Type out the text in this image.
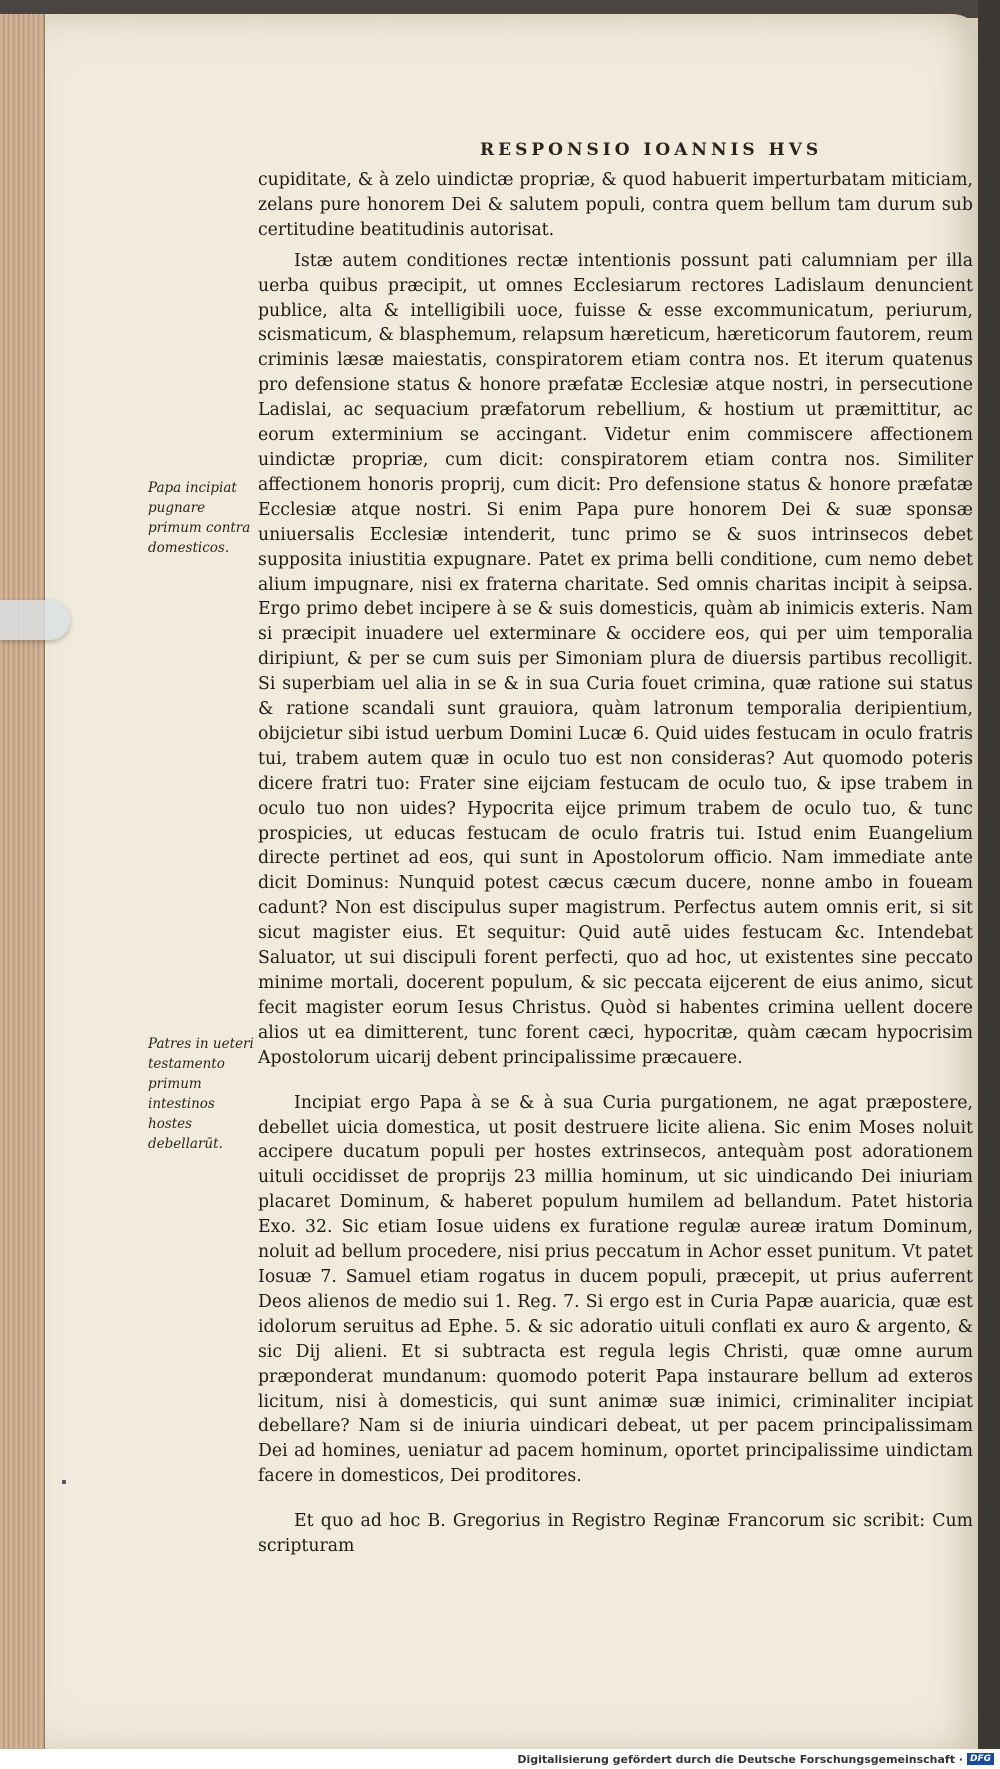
RESPONSIO IOANNIS HVS
Papa incipiat pugnare primum contra domesticos.
Patres in ueteri testamento primum intestinos hostes debellarūt.

cupiditate, & à zelo uindictæ propriæ, & quod habuerit imperturbatam miticiam, zelans pure honorem Dei & salutem populi, contra quem bellum tam durum sub certitudine beatitudinis autorisat.

Istæ autem conditiones rectæ intentionis possunt pati calumniam per illa uerba quibus præcipit, ut omnes Ecclesiarum rectores Ladislaum denuncient publice, alta & intelligibili uoce, fuisse & esse excommunicatum, periurum, scismaticum, & blasphemum, relapsum hæreticum, hæreticorum fautorem, reum criminis læsæ maiestatis, conspiratorem etiam contra nos. Et iterum quatenus pro defensione status & honore præfatæ Ecclesiæ atque nostri, in persecutione Ladislai, ac sequacium præfatorum rebellium, & hostium ut præmittitur, ac eorum exterminium se accingant. Videtur enim commiscere affectionem uindictæ propriæ, cum dicit: conspiratorem etiam contra nos. Similiter affectionem honoris proprij, cum dicit: Pro defensione status & honore præfatæ Ecclesiæ atque nostri. Si enim Papa pure honorem Dei & suæ sponsæ uniuersalis Ecclesiæ intenderit, tunc primo se & suos intrinsecos debet supposita iniustitia expugnare. Patet ex prima belli conditione, cum nemo debet alium impugnare, nisi ex fraterna charitate. Sed omnis charitas incipit à seipsa. Ergo primo debet incipere à se & suis domesticis, quàm ab inimicis exteris. Nam si præcipit inuadere uel exterminare & occidere eos, qui per uim temporalia diripiunt, & per se cum suis per Simoniam plura de diuersis partibus recolligit. Si superbiam uel alia in se & in sua Curia fouet crimina, quæ ratione sui status & ratione scandali sunt grauiora, quàm latronum temporalia deripientium, obijcietur sibi istud uerbum Domini Lucæ 6. Quid uides festucam in oculo fratris tui, trabem autem quæ in oculo tuo est non consideras? Aut quomodo poteris dicere fratri tuo: Frater sine eijciam festucam de oculo tuo, & ipse trabem in oculo tuo non uides? Hypocrita eijce primum trabem de oculo tuo, & tunc prospicies, ut educas festucam de oculo fratris tui. Istud enim Euangelium directe pertinet ad eos, qui sunt in Apostolorum officio. Nam immediate ante dicit Dominus: Nunquid potest cæcus cæcum ducere, nonne ambo in foueam cadunt? Non est discipulus super magistrum. Perfectus autem omnis erit, si sit sicut magister eius. Et sequitur: Quid autē uides festucam &c. Intendebat Saluator, ut sui discipuli forent perfecti, quo ad hoc, ut existentes sine peccato minime mortali, docerent populum, & sic peccata eijcerent de eius animo, sicut fecit magister eorum Iesus Christus. Quòd si habentes crimina uellent docere alios ut ea dimitterent, tunc forent cæci, hypocritæ, quàm cæcam hypocrisim Apostolorum uicarij debent principalissime præcauere.

Incipiat ergo Papa à se & à sua Curia purgationem, ne agat præpostere, debellet uicia domestica, ut posit destruere licite aliena. Sic enim Moses noluit accipere ducatum populi per hostes extrinsecos, antequàm post adorationem uituli occidisset de proprijs 23 millia hominum, ut sic uindicando Dei iniuriam placaret Dominum, & haberet populum humilem ad bellandum. Patet historia Exo. 32. Sic etiam Iosue uidens ex furatione regulæ aureæ iratum Dominum, noluit ad bellum procedere, nisi prius peccatum in Achor esset punitum. Vt patet Iosuæ 7. Samuel etiam rogatus in ducem populi, præcepit, ut prius auferrent Deos alienos de medio sui 1. Reg. 7. Si ergo est in Curia Papæ auaricia, quæ est idolorum seruitus ad Ephe. 5. & sic adoratio uituli conflati ex auro & argento, & sic Dij alieni. Et si subtracta est regula legis Christi, quæ omne aurum præponderat mundanum: quomodo poterit Papa instaurare bellum ad exteros licitum, nisi à domesticis, qui sunt animæ suæ inimici, criminaliter incipiat debellare? Nam si de iniuria uindicari debeat, ut per pacem principalissimam Dei ad homines, ueniatur ad pacem hominum, oportet principalissime uindictam facere in domesticos, Dei proditores.

Et quo ad hoc B. Gregorius in Registro Reginæ Francorum sic scribit: Cum scripturam

Digitalisierung gefördert durch die Deutsche Forschungsgemeinschaft · DFG
